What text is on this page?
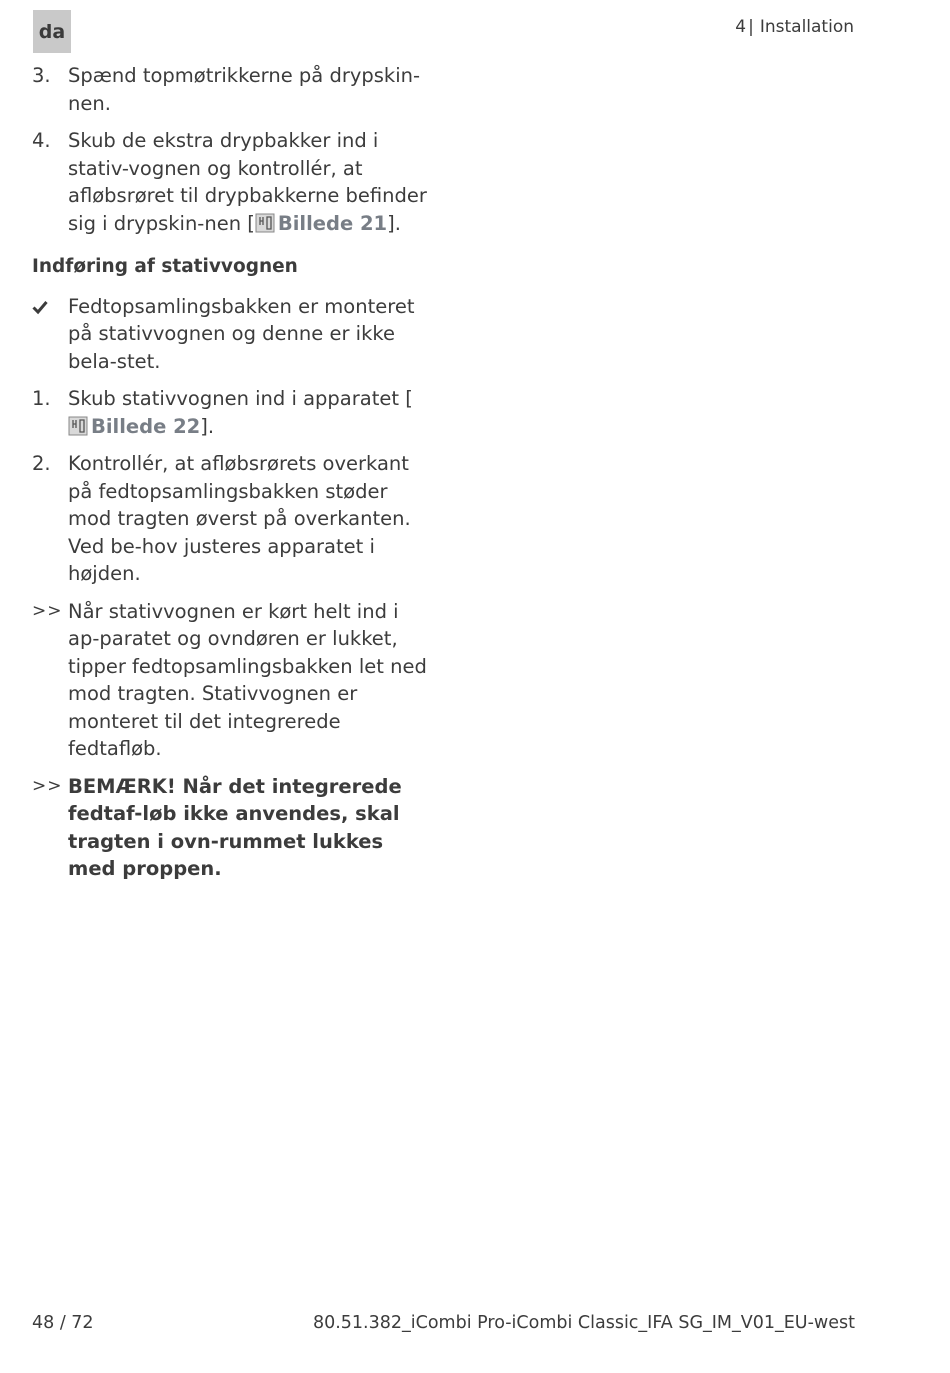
da	4 | Installation
3. Spænd topmøtrikkerne på drypskin-nen.
4. Skub de ekstra drypbakker ind i stativ-vognen og kontrollér, at afløbsrøret til drypbakkerne befinder sig i drypskin-nen [ Billede 21].
Indføring af stativvognen
Fedtopsamlingsbakken er monteret på stativvognen og denne er ikke bela-stet.
1. Skub stativvognen ind i apparatet [Billede 22].
2. Kontrollér, at afløbsrørets overkant på fedtopsamlingsbakken støder mod tragten øverst på overkanten. Ved be-hov justeres apparatet i højden.
>> Når stativvognen er kørt helt ind i ap-paratet og ovndøren er lukket, tipper fedtopsamlingsbakken let ned mod tragten. Stativvognen er monteret til det integrerede fedtafløb.
>> BEMÆRK! Når det integrerede fedtaf-løb ikke anvendes, skal tragten i ovn-rummet lukkes med proppen.
48 / 72	80.51.382_iCombi Pro-iCombi Classic_IFA SG_IM_V01_EU-west
